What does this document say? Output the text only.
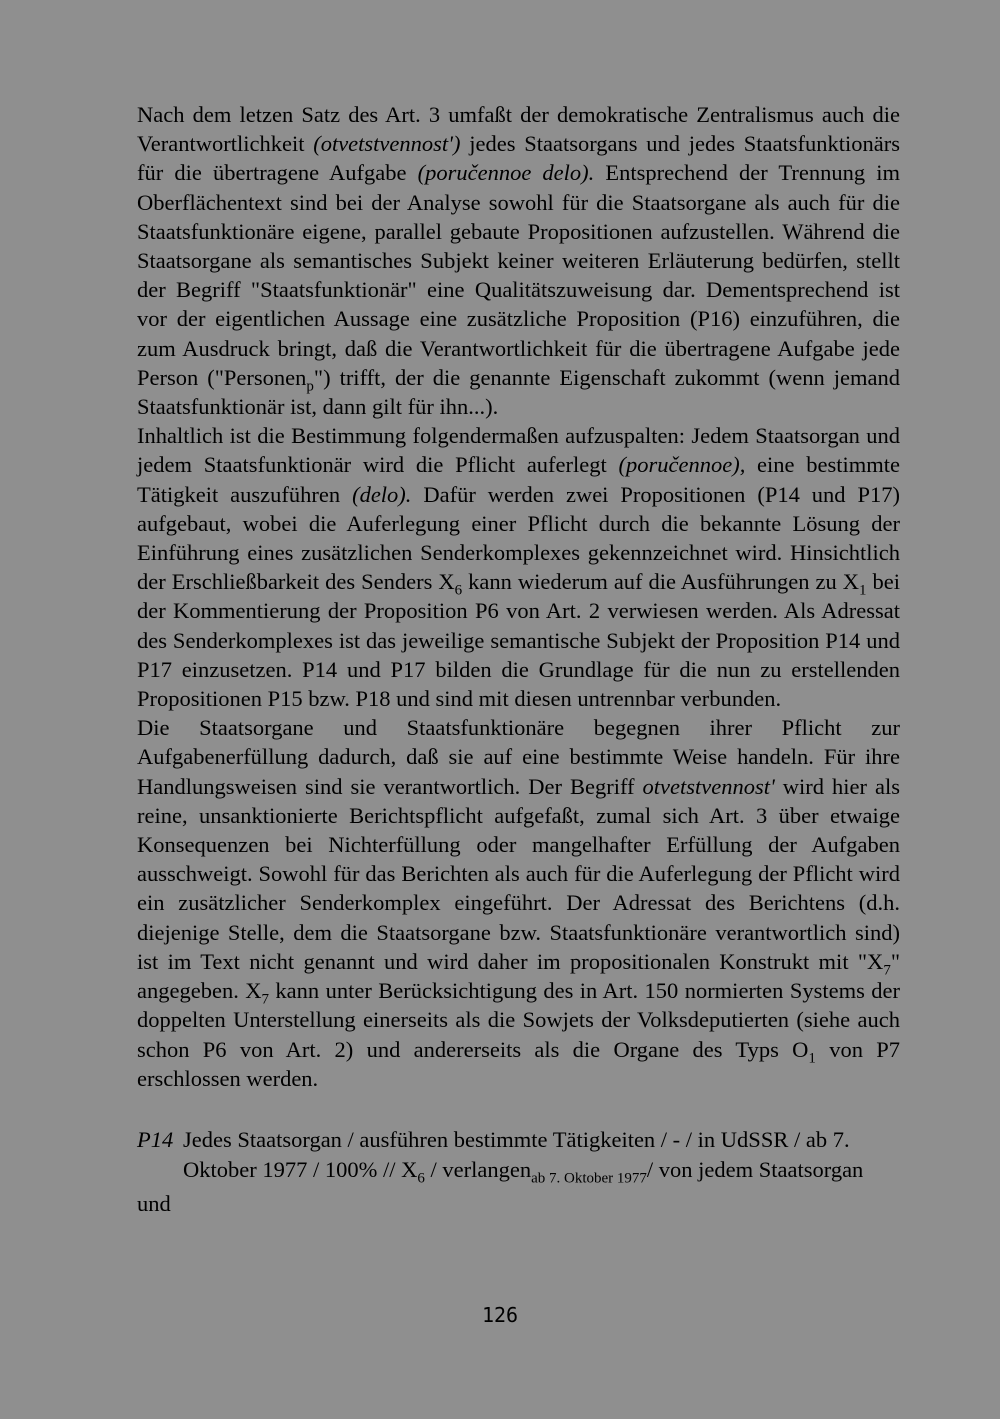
Nach dem letzen Satz des Art. 3 umfaßt der demokratische Zentralismus auch die Verantwortlichkeit (otvetstvennost') jedes Staatsorgans und jedes Staatsfunktionärs für die übertragene Aufgabe (poručennoe delo). Entsprechend der Trennung im Oberflächentext sind bei der Analyse sowohl für die Staatsorgane als auch für die Staatsfunktionäre eigene, parallel gebaute Propositionen aufzustellen. Während die Staatsorgane als semantisches Subjekt keiner weiteren Erläuterung bedürfen, stellt der Begriff "Staatsfunktionär" eine Qualitätszuweisung dar. Dementsprechend ist vor der eigentlichen Aussage eine zusätzliche Proposition (P16) einzuführen, die zum Ausdruck bringt, daß die Verantwortlichkeit für die übertragene Aufgabe jede Person ("Personen$_p$") trifft, der die genannte Eigenschaft zukommt (wenn jemand Staatsfunktionär ist, dann gilt für ihn...).

Inhaltlich ist die Bestimmung folgendermaßen aufzuspalten: Jedem Staatsorgan und jedem Staatsfunktionär wird die Pflicht auferlegt (poručennoe), eine bestimmte Tätigkeit auszuführen (delo). Dafür werden zwei Propositionen (P14 und P17) aufgebaut, wobei die Auferlegung einer Pflicht durch die bekannte Lösung der Einführung eines zusätzlichen Senderkomplexes gekennzeichnet wird. Hinsichtlich der Erschließbarkeit des Senders $X_6$ kann wiederum auf die Ausführungen zu $X_1$ bei der Kommentierung der Proposition P6 von Art. 2 verwiesen werden. Als Adressat des Senderkomplexes ist das jeweilige semantische Subjekt der Proposition P14 und P17 einzusetzen. P14 und P17 bilden die Grundlage für die nun zu erstellenden Propositionen P15 bzw. P18 und sind mit diesen untrennbar verbunden.

Die Staatsorgane und Staatsfunktionäre begegnen ihrer Pflicht zur Aufgabenerfüllung dadurch, daß sie auf eine bestimmte Weise handeln. Für ihre Handlungsweisen sind sie verantwortlich. Der Begriff otvetstvennost' wird hier als reine, unsanktionierte Berichtspflicht aufgefaßt, zumal sich Art. 3 über etwaige Konsequenzen bei Nichterfüllung oder mangelhafter Erfüllung der Aufgaben ausschweigt. Sowohl für das Berichten als auch für die Auferlegung der Pflicht wird ein zusätzlicher Senderkomplex eingeführt. Der Adressat des Berichtens (d.h. diejenige Stelle, dem die Staatsorgane bzw. Staatsfunktionäre verantwortlich sind) ist im Text nicht genannt und wird daher im propositionalen Konstrukt mit "$X_7$" angegeben. $X_7$ kann unter Berücksichtigung des in Art. 150 normierten Systems der doppelten Unterstellung einerseits als die Sowjets der Volksdeputierten (siehe auch schon P6 von Art. 2) und andererseits als die Organe des Typs $O_1$ von P7 erschlossen werden.

P14 Jedes Staatsorgan / ausführen bestimmte Tätigkeiten / - / in UdSSR / ab 7. Oktober $1977 / 100\% // X_6$ / verlangen$_{ab 7. Oktober 1977}$/ von jedem Staatsorgan
und
126
